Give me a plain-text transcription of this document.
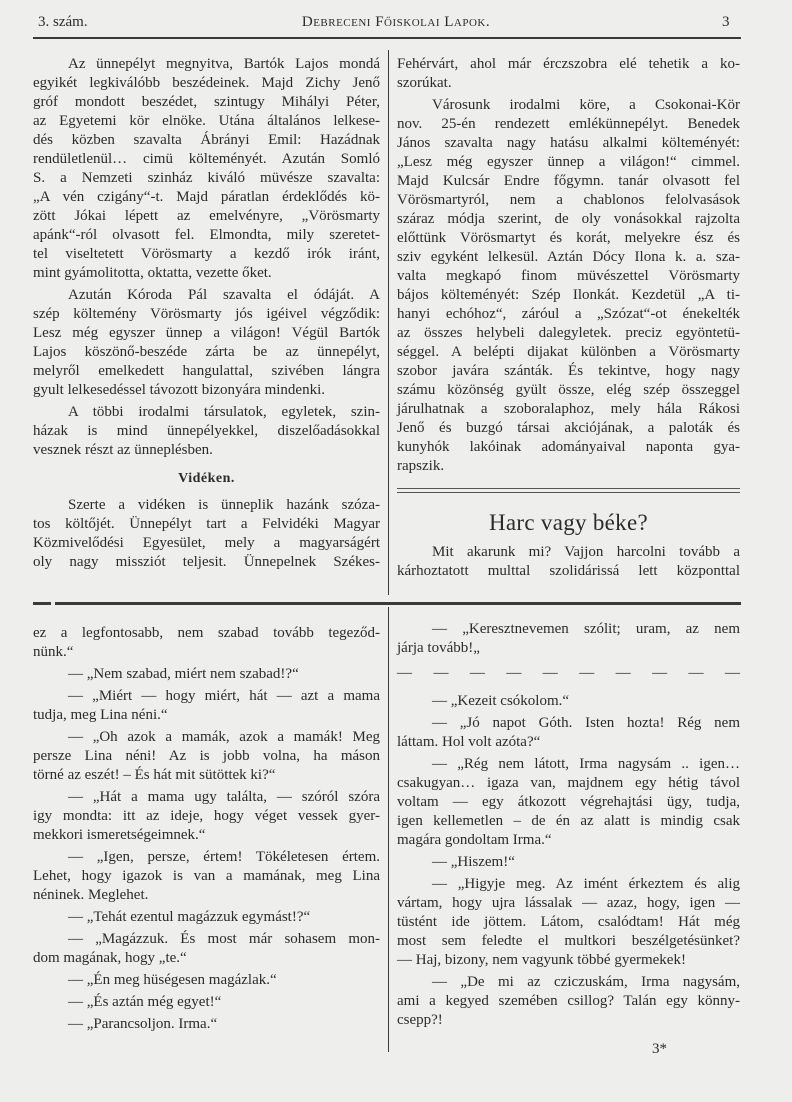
Debreceni Főiskolai Lapok.
3. szám.	3
Az ünnepélyt megnyitva, Bartók Lajos mondá
egyikét legkiválóbb beszédeinek. Majd Zichy Jenő
gróf mondott beszédet, szintugy Mihályi Péter,
az Egyetemi kör elnöke. Utána általános lelkese-
dés közben szavalta Ábrányi Emil: Hazádnak
rendületlenül… cimü költeményét. Azután Somló
S. a Nemzeti szinház kiváló müvésze szavalta:
„A vén czigány“-t. Majd páratlan érdeklődés kö-
zött Jókai lépett az emelvényre, „Vörösmarty
apánk“-ról olvasott fel. Elmondta, mily szeretet-
tel viseltetett Vörösmarty a kezdő irók iránt,
mint gyámolitotta, oktatta, vezette őket.
Azután Kóroda Pál szavalta el ódáját. A
szép költemény Vörösmarty jós igéivel végződik:
Lesz még egyszer ünnep a világon! Végül Bartók
Lajos köszönő-beszéde zárta be az ünnepélyt,
melyről emelkedett hangulattal, szivében lángra
gyult lelkesedéssel távozott bizonyára mindenki.
A többi irodalmi társulatok, egyletek, szin-
házak is mind ünnepélyekkel, diszelőadásokkal
vesznek részt az ünneplésben.
Vidéken.
Szerte a vidéken is ünneplik hazánk szóza-
tos költőjét. Ünnepélyt tart a Felvidéki Magyar
Közmivelődési Egyesület, mely a magyarságért
oly nagy missziót teljesit. Ünnepelnek Székes-
Fehérvárt, ahol már érczszobra elé tehetik a ko-
szorúkat.
Városunk irodalmi köre, a Csokonai-Kör
nov. 25-én rendezett emlékünnepélyt. Benedek
János szavalta nagy hatásu alkalmi költeményét:
„Lesz még egyszer ünnep a világon!“ cimmel.
Majd Kulcsár Endre főgymn. tanár olvasott fel
Vörösmartyról, nem a chablonos felolvasások
száraz módja szerint, de oly vonásokkal rajzolta
előttünk Vörösmartyt és korát, melyekre ész és
sziv egyként lelkesül. Aztán Dócy Ilona k. a. sza-
valta megkapó finom müvészettel Vörösmarty
bájos költeményét: Szép Ilonkát. Kezdetül „A ti-
hanyi echóhoz“, záróul a „Szózat“-ot énekelték
az összes helybeli dalegyletek. preciz egyöntetü-
séggel. A belépti dijakat különben a Vörösmarty
szobor javára szánták. És tekintve, hogy nagy
számu közönség gyült össze, elég szép összeggel
járulhatnak a szoboralaphoz, mely hála Rákosi
Jenő és buzgó társai akciójának, a paloták és
kunyhók lakóinak adományaival naponta gya-
rapszik.
Harc vagy béke?
Mit akarunk mi? Vajjon harcolni tovább a
kárhoztatott multtal szolidárissá lett központtal
ez a legfontosabb, nem szabad tovább tegeződ-
nünk.“
— „Nem szabad, miért nem szabad!?“
— „Miért — hogy miért, hát — azt a mama
tudja, meg Lina néni.“
— „Oh azok a mamák, azok a mamák! Meg
persze Lina néni! Az is jobb volna, ha máson
törné az eszét! – És hát mit sütöttek ki?“
— „Hát a mama ugy találta, — szóról szóra
igy mondta: itt az ideje, hogy véget vessek gyer-
mekkori ismeretségeimnek.“
— „Igen, persze, értem! Tökéletesen értem.
Lehet, hogy igazok is van a mamának, meg Lina
néninek. Meglehet.
— „Tehát ezentul magázzuk egymást!?“
— „Magázzuk. És most már sohasem mon-
dom magának, hogy „te.“
— „Én meg hüségesen magázlak.“
— „És aztán még egyet!“
— „Parancsoljon. Irma.“
— „Keresztnevemen szólit; uram, az nem
járja tovább!„
— — — — — — — — — —
— „Kezeit csókolom.“
— „Jó napot Góth. Isten hozta! Rég nem
láttam. Hol volt azóta?“
— „Rég nem látott, Irma nagysám .. igen…
csakugyan… igaza van, majdnem egy hétig távol
voltam — egy átkozott végrehajtási ügy, tudja,
igen kellemetlen – de én az alatt is mindig csak
magára gondoltam Irma.“
— „Hiszem!“
— „Higyje meg. Az imént érkeztem és alig
vártam, hogy ujra lássalak — azaz, hogy, igen —
tüstént ide jöttem. Látom, csalódtam! Hát még
most sem feledte el multkori beszélgetésünket?
— Haj, bizony, nem vagyunk többé gyermekek!
— „De mi az cziczuskám, Irma nagysám,
ami a kegyed szemében csillog? Talán egy könny-
csepp?!
3*
